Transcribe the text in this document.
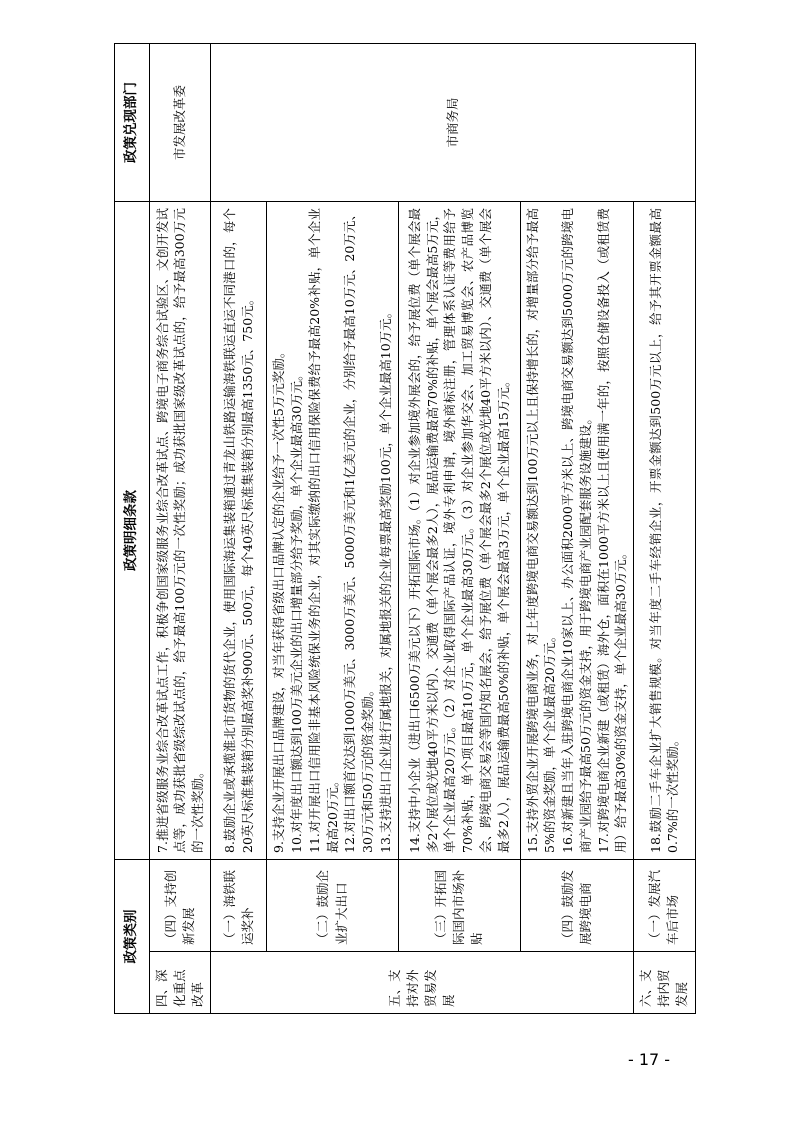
政策类别		政策明细条款	政策兑现部门
四、深化重点改革	（四）支持创新发展	7.推进省级服务业综合改革试点工作，积极争创国家级服务业综合改革试点、跨境电子商务综合试验区、文创开发试点等，成功获批省级综改试点的，给予最高100万元的一次性奖励；成功获批国家级改革试点的，给予最高300万元的一次性奖励。	市发展改革委
五、支持对外贸易发展	（一）海铁联运奖补	8.鼓励企业或承揽淮北市货物的货代企业，使用国际海运集装箱通过青龙山铁路运输海铁联运直运不同港口的，每个20英尺标准集装箱分别最高奖补900元、500元，每个40英尺标准集装箱分别最高1350元、750元。	市商务局
	（二）鼓励企业扩大出口	9.支持企业开展出口品牌建设，对当年获得省级出口品牌认定的企业给予一次性5万元奖励。 10.对年度出口额达到100万美元企业的出口增量部分给予奖励，单个企业最高30万元。 11.对开展出口信用险非基本风险统保业务的企业，对其实际缴纳的出口信用保险保费给予最高20%补贴，单个企业最高20万元。 12.对出口额首次达到1000万美元、3000万美元、5000万美元和1亿美元的企业，分别给予最高10万元、20万元、30万元和50万元的资金奖励。 13.支持进出口企业进行属地报关，对属地报关的企业每票最高奖励100元，单个企业最高10万元。	

	（三）开拓国际国内市场补贴	14.支持中小企业（进出口6500万美元以下）开拓国际市场。（1）对企业参加境外展会的，给予展位费（单个展会最多2个展位或光地40平方米以内）、交通费（单个展会最多2人），展品运输费最高70%的补贴，单个展会最高5万元，单个企业最高20万元。（2）对企业取得国际产品认证，境外专利申请，境外商标注册，管理体系认证等费用给予70%补贴，单个项目最高10万元，单个企业最高30万元。（3）对企业参加华交会、加工贸易博览会、农产品博览会、跨境电商交易会等国内知名展会，给予展位费（单个展会最多2个展位或光地40平方米以内）、交通费（单个展会最多2人），展品运输费最高50%的补贴，单个展会最高3万元，单个企业最高15万元。	

	（四）鼓励发展跨境电商	15.支持外贸企业开展跨境电商业务，对上年度跨境电商交易额达到100万元以上且保持增长的，对增量部分给予最高5%的资金奖励，单个企业最高20万元。 16.对新建且当年入驻跨境电商企业10家以上、办公面积2000平方米以上、跨境电商交易额达到5000万元的跨境电商产业园给予最高50万元的资金支持，用于跨境电商产业园配套服务设施建设。 17.对跨境电商企业新建（或租赁）海外仓，面积在1000平方米以上且使用满一年的，按照仓储设备投入（或租赁费用）给予最高30%的资金支持，单个企业最高30万元。	

六、支持内贸发展	（一）发展汽车后市场	18.鼓励二手车企业扩大销售规模。对当年度二手车经销企业，开票金额达到500万元以上，给予其开票金额最高0.7%的一次性奖励。	

- 17 -
